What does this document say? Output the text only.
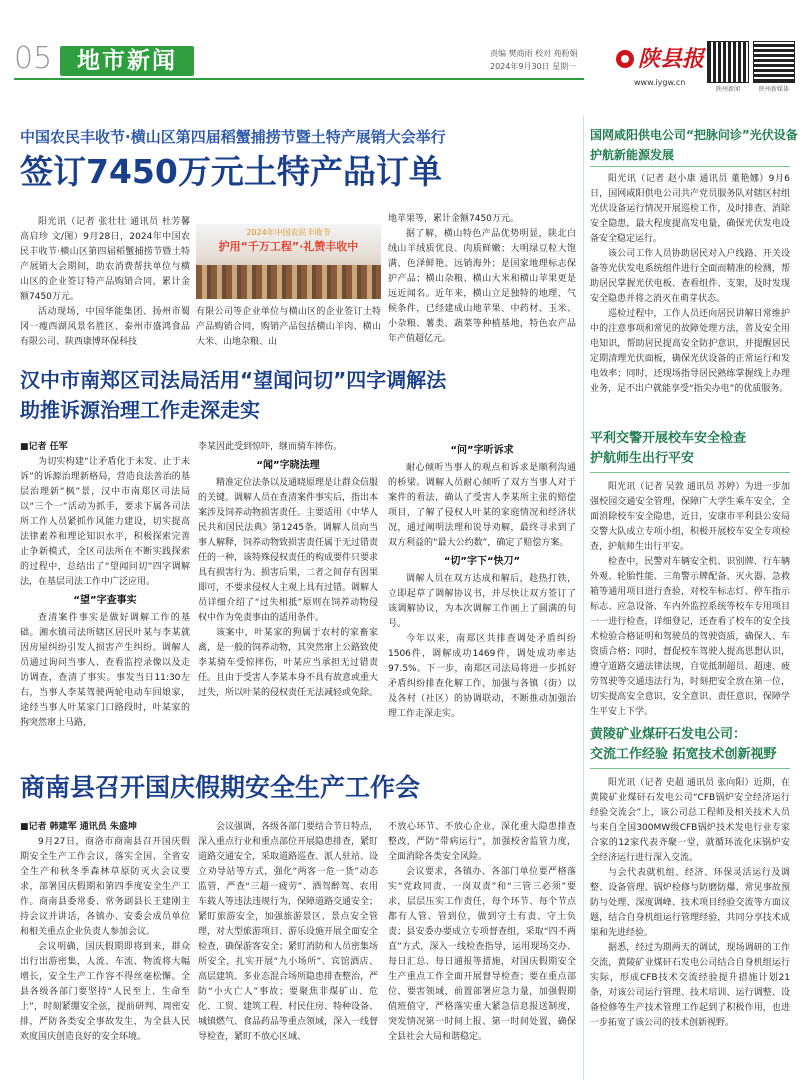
05	地市新闻	责编 樊商雨 校对 苑粉娟
2024年9月30日 星期一	陕县报
www.iygw.cn
陕州新闻	陕州新媒体
中国农民丰收节·横山区第四届稻蟹捕捞节暨土特产展销大会举行
签订7450万元土特产品订单

阳光讯（记者 张壮壮 通讯员 杜芳馨 高启珍 文/图）9月28日，2024年中国农民丰收节·横山区第四届稻蟹捕捞节暨土特产展销大会期间，助农消费帮扶单位与横山区的企业签订特产品购销合同，累计金额7450万元。

活动现场，中国华能集团、扬州市蜀冈一瘦西湖风景名胜区、泰州市盛鸿食品有限公司、陕西康博环保科技

2024年中国农民丰收节
护用“千万工程”·礼赞丰收中

有限公司等企业单位与横山区的企业签订土特产品购销合同，购销产品包括横山羊肉、横山大米、山地杂粮、山

地苹果等，累计金额7450万元。

据了解，横山特色产品优势明显，陕北白绒山羊绒质优良、肉质鲜嫩；大明绿豆粒大饱满、色泽鲜艳、远销海外；是国家地理标志保护产品；横山杂粮、横山大米和横山苹果更是远近闻名。近年来，横山立足独特的地理、气候条件，已经建成山地苹果、中药材、玉米、小杂粮、薯类、蔬菜等种植基地，特色农产品年产值超亿元。

汉中市南郑区司法局活用“望闻问切”四字调解法
助推诉源治理工作走深走实

■记者 任军

为切实构建“让矛盾化于未发、止于未诉”的诉源治理新格局，营造良法善治的基层治理新“枫”景，汉中市南郑区司法局以“三个一”活动为抓手，要求下属各司法所工作人员紧抓作风能力建设，切实提高法律素养和理论知识水平，积极探索完善止争新模式，全区司法所在不断实践探索的过程中，总结出了“望闻问切”四字调解法，在基层司法工作中广泛应用。

“望”字查事实

查清案件事实是做好调解工作的基础。湘水镇司法所辖区居民叶某与李某就因房屋纠纷引发人损害产生纠纷。调解人员通过询问当事人、查看监控录像以及走访调查，查清了事实。事发当日11:30左右，当事人李某驾驶两轮电动车回娘家，途经当事人叶某家门口路段时，叶某家的狗突然窜上马路，

李某因此受到惊吓，继而骑车摔伤。

“闻”字晓法理

精准定位法条以及通晓原理是让群众信服的关键。调解人员在查清案件事实后，指出本案涉及饲养动物损害责任。主要适用《中华人民共和国民法典》第1245条。调解人员向当事人解释，饲养动物致损害责任属于无过错责任的一种，该特殊侵权责任的构成要件只要求具有损害行为、损害后果，二者之间存有因果即可，不要求侵权人主观上具有过错。调解人员详细介绍了“过失相抵”原则在饲养动物侵权中作为免责事由的适用条件。

该案中，叶某家的狗属于农村的家畜家禽，是一般的饲养动物，其突然窜上公路致使李某骑车受惊摔伤，叶某应当承担无过错责任。且由于受害人李某本身不具有故意或重大过失，所以叶某的侵权责任无法减轻或免除。

“问”字听诉求

耐心倾听当事人的观点和诉求是顺利沟通的桥梁。调解人员耐心倾听了双方当事人对于案件的看法，确认了受害人李某所主张的赔偿项目，了解了侵权人叶某的家庭情况和经济状况，通过阐明法理和说导劝解，最终寻求到了双方利益的“最大公约数”，确定了赔偿方案。

“切”字下“快刀”

调解人员在双方达成和解后，趁热打铁，立即起草了调解协议书，并尽快让双方签订了该调解协议，为本次调解工作画上了圆满的句号。

今年以来，南郑区共排查调处矛盾纠纷1506件，调解成功1469件，调处成功率达97.5%。下一步，南郑区司法局将进一步抓好矛盾纠纷排查化解工作，加强与各镇（街）以及各村（社区）的协调联动，不断推动加强治理工作走深走实。

商南县召开国庆假期安全生产工作会

■记者 韩建军 通讯员 朱盛坤

9月27日，商洛市商南县召开国庆假期安全生产工作会议，落实全国、全省安全生产和秋冬季森林草原防灭火会议要求，部署国庆假期和第四季度安全生产工作。商南县委常委、常务副县长王建刚主持会议并讲话，各镇办、安委会成员单位和相关重点企业负责人参加会议。

会议明确，国庆假期即将到来，群众出行出游密集，人流、车流、物流将大幅增长，安全生产工作容不得丝毫松懈。全县各级各部门要坚持“人民至上、生命至上”，时刻紧绷安全弦，提前研判、周密安排，严防各类安全事故发生，为全县人民欢度国庆创造良好的安全环境。

会议强调，各级各部门要结合节日特点，深入重点行业和重点部位开展隐患排查，紧盯道路交通安全，采取道路巡查、派人驻站、设立劝导站等方式，强化“两客一危一货”动态监管，严查“三超一疲劳”、酒驾醉驾、农用车载人等违法违规行为，保障道路交通安全；紧盯旅游安全，加强旅游景区、景点安全管理，对大型旅游项目、游乐设施开展全面安全检查，确保游客安全；紧盯消防和人员密集场所安全，扎实开展“九小场所”、宾馆酒店、高层建筑、多业态混合场所隐患排查整治，严防“小火亡人”事故；要聚焦非煤矿山、危化、工贸、建筑工程、村民住房、特种设备、城镇燃气、食品药品等重点领域，深入一线督导检查，紧盯不放心区域、

不放心环节、不放心企业，深化重大隐患排查整改，严防“带病运行”，加强校舍监管力度，全面消除各类安全风险。

会议要求，各镇办、各部门单位要严格落实“党政同责、一岗双责”和“三管三必须”要求，层层压实工作责任，每个环节、每个节点都有人管、管到位，做到守土有责、守土负责；县安委办要成立专项督查组，采取“四不两直”方式，深入一线检查指导，运用现场交办、每日汇总、每日通报等措施，对国庆假期安全生产重点工作全面开展督导检查；要在重点部位、要害领域，前置部署应急力量，加强假期值班值守，严格落实重大紧急信息报送制度，突发情况第一时间上报、第一时间处置，确保全县社会大局和谐稳定。

国网咸阳供电公司“把脉问诊”光伏设备
护航新能源发展

阳光讯（记者 赵小康 通讯员 董艳娜）9月6日，国网咸阳供电公司共产党员服务队对辖区村组光伏设备运行情况开展巡检工作，及时排查、消除安全隐患，最大程度提高发电量，确保光伏发电设备安全稳定运行。

该公司工作人员协助居民对入户线路、开关设备等光伏发电系统组件进行全面而精准的检测，帮助居民掌握光伏电板、查看组件、支架，及时发现安全隐患并将之消灭在萌芽状态。

巡检过程中，工作人员还向居民讲解日常维护中的注意事项和常见的故障处理方法，普及安全用电知识，帮助居民提高安全防护意识，并提醒居民定期清理光伏面板，确保光伏设备的正常运行和发电效率；同时，还现场指导居民熟练掌握线上办理业务，足不出户就能享受“指尖办电”的优质服务。

平利交警开展校车安全检查
护航师生出行平安

阳光讯（记者 吴敦 通讯员 苏婷）为进一步加强校园交通安全管理，保障广大学生乘车安全，全面消除校车安全隐患，近日，安康市平利县公安局交警大队成立专项小组，积极开展校车安全专项检查，护航师生出行平安。

检查中，民警对车辆安全机、识别牌、行车辆外观、轮胎性能、三角警示牌配备、灭火器、急救箱等通用项目进行查验，对校车标志灯、停车指示标志、应急设备、车内外监控系统等校车专用项目一一进行检查，详细登记，还查看了校车的安全技术检验合格证明和驾驶员的驾驶资质，确保人、车资质合格；同时，督促校车驾驶人提高思想认识，遵守道路交通法律法规，自觉抵制超员、超速、疲劳驾驶等交通违法行为，时刻把安全放在第一位，切实提高安全意识，安全意识、责任意识，保障学生平安上下学。

黄陵矿业煤矸石发电公司：
交流工作经验 拓宽技术创新视野

阳光讯（记者 史超 通讯员 张向阳）近期，在黄陵矿业煤矸石发电公司“CFB锅炉安全经济运行经验交流会”上，该公司总工程师及相关技术人员与来自全国300MW级CFB锅炉技术发电行业专家合家的12家代表齐聚一堂，就循环流化床锅炉安全经济运行进行深入交流。

与会代表就机组、经济、环保灵活运行及调整、设备管理、锅炉检修与防磨防爆、常见事故预防与处理、深度调峰、技术项目经验交流等方面议题，结合自身机组运行管理经验，共同分享技术成果和先进经验。

据悉，经过为期两天的调试，现场调研的工作交流，黄陵矿业煤矸石发电公司结合自身机组运行实际，形成CFB技术交流经验提升措施计划21条，对该公司运行管理、技术培训、运行调整、设备检修等生产技术管理工作起到了积极作用，也进一步拓宽了该公司的技术创新视野。
